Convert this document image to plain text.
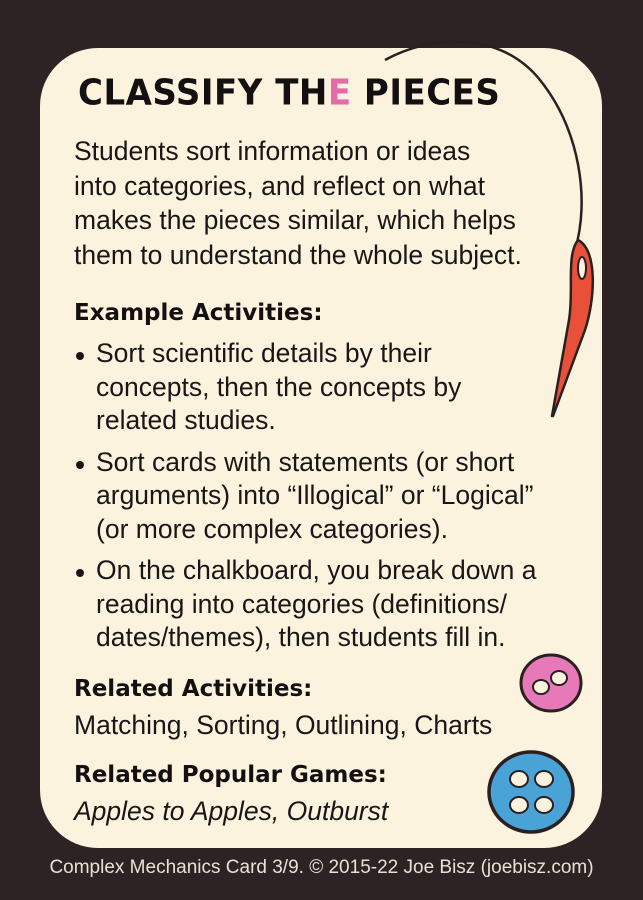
CLASSIFY THE PIECES

Students sort information or ideas
into categories, and reflect on what
makes the pieces similar, which helps
them to understand the whole subject.

Example Activities:
Sort scientific details by their
concepts, then the concepts by
related studies.
Sort cards with statements (or short
arguments) into “Illogical” or “Logical”
(or more complex categories).
On the chalkboard, you break down a
reading into categories (definitions/
dates/themes), then students fill in.
Related Activities:

Matching, Sorting, Outlining, Charts

Related Popular Games:

Apples to Apples, Outburst

Complex Mechanics Card 3/9. © 2015-22 Joe Bisz (joebisz.com)
